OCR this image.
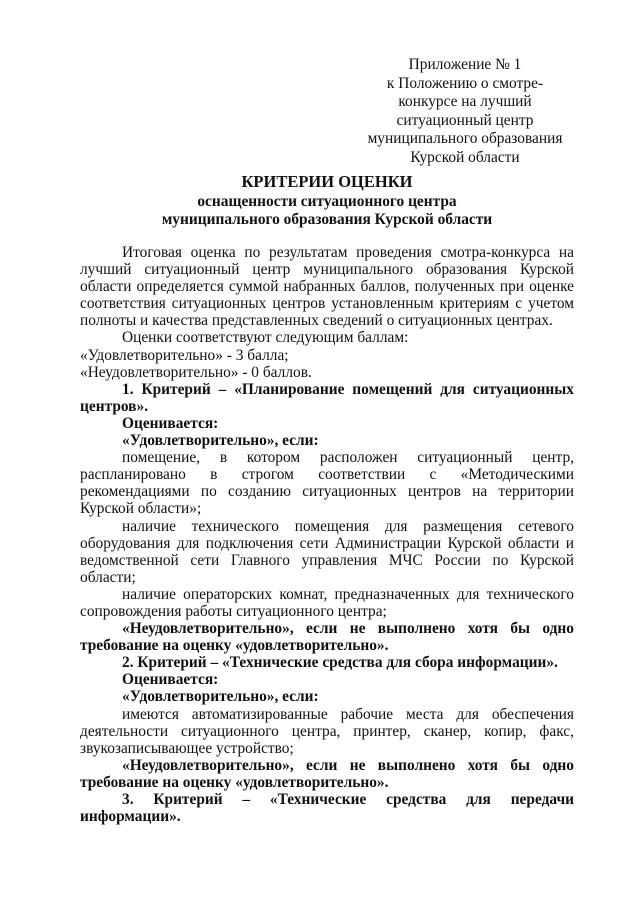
Приложение № 1
к Положению о смотре-
конкурсе на лучший
ситуационный центр
муниципального образования
Курской области
КРИТЕРИИ ОЦЕНКИ
оснащенности ситуационного центра
муниципального образования Курской области

Итоговая оценка по результатам проведения смотра-конкурса на лучший ситуационный центр муниципального образования Курской области определяется суммой набранных баллов, полученных при оценке соответствия ситуационных центров установленным критериям с учетом полноты и качества представленных сведений о ситуационных центрах.

Оценки соответствуют следующим баллам:

«Удовлетворительно» - 3 балла;

«Неудовлетворительно» - 0 баллов.

1. Критерий – «Планирование помещений для ситуационных центров».

Оценивается:

«Удовлетворительно», если:

помещение, в котором расположен ситуационный центр, распланировано в строгом соответствии с «Методическими рекомендациями по созданию ситуационных центров на территории Курской области»;

наличие технического помещения для размещения сетевого оборудования для подключения сети Администрации Курской области и ведомственной сети Главного управления МЧС России по Курской области;

наличие операторских комнат, предназначенных для технического сопровождения работы ситуационного центра;

«Неудовлетворительно», если не выполнено хотя бы одно требование на оценку «удовлетворительно».

2. Критерий – «Технические средства для сбора информации».

Оценивается:

«Удовлетворительно», если:

имеются автоматизированные рабочие места для обеспечения деятельности ситуационного центра, принтер, сканер, копир, факс, звукозаписывающее устройство;

«Неудовлетворительно», если не выполнено хотя бы одно требование на оценку «удовлетворительно».

3. Критерий – «Технические средства для передачи информации».
